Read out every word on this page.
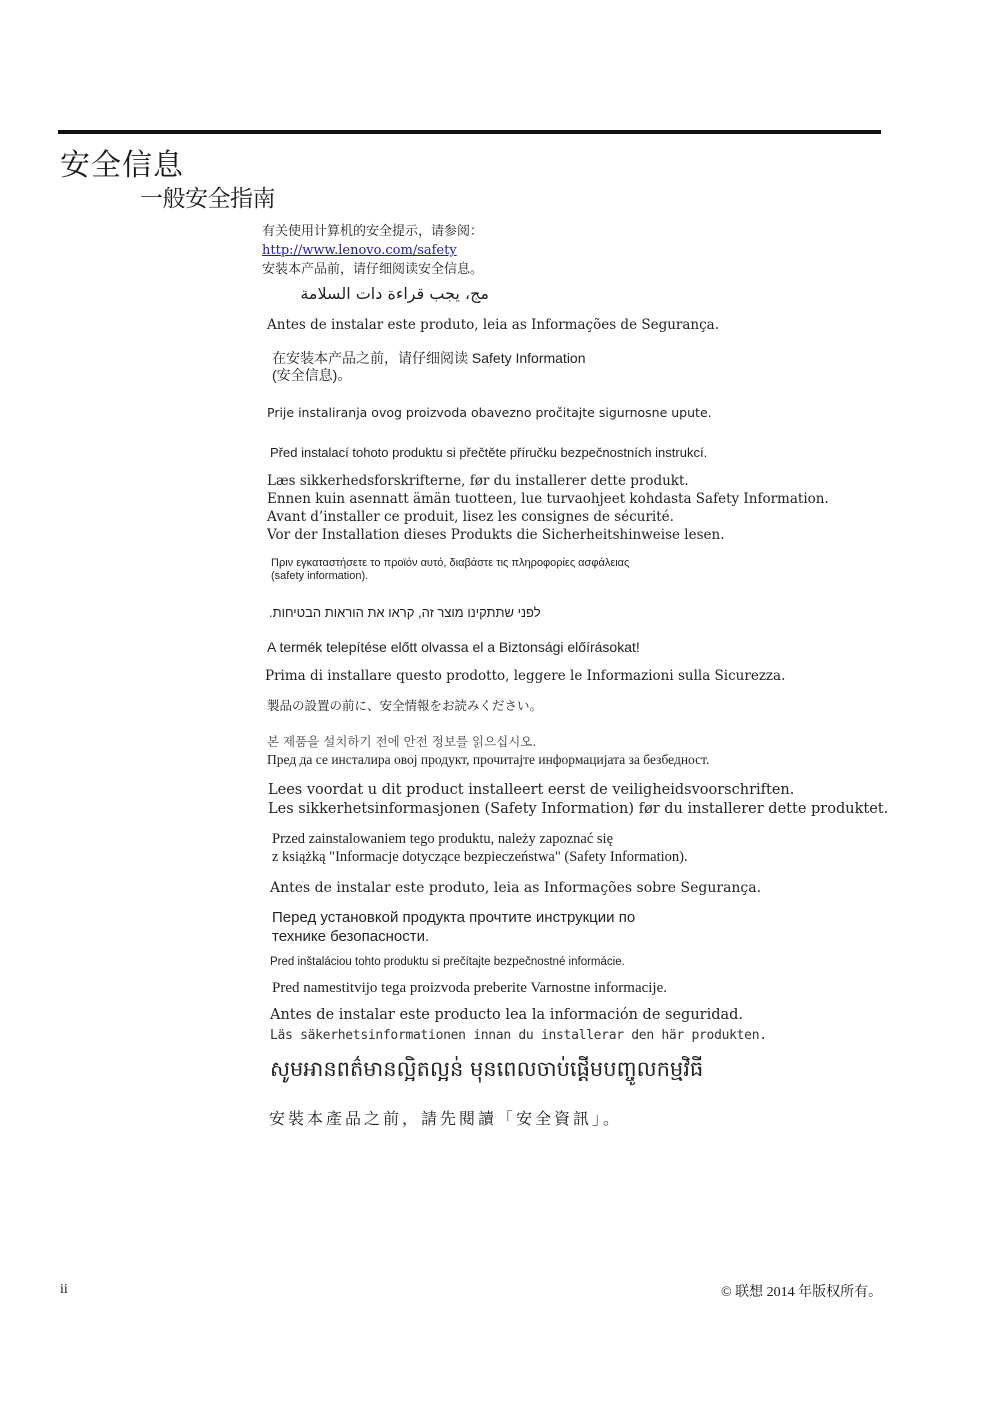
安全信息
一般安全指南
有关使用计算机的安全提示，请参阅：
http://www.lenovo.com/safety
安装本产品前，请仔细阅读安全信息。
مج، يجب قراءة دات السلامة
Antes de instalar este produto, leia as Informações de Segurança.
在安装本产品之前，请仔细阅读 Safety Information
(安全信息)。
Prije instaliranja ovog proizvoda obavezno pročitajte sigurnosne upute.
Před instalací tohoto produktu si přečtěte příručku bezpečnostních instrukcí.
Læs sikkerhedsforskrifterne, før du installerer dette produkt.
Ennen kuin asennatt ämän tuotteen, lue turvaohjeet kohdasta Safety Information.
Avant d’installer ce produit, lisez les consignes de sécurité.
Vor der Installation dieses Produkts die Sicherheitshinweise lesen.
Πριν εγκαταστήσετε το προϊόν αυτό, διαβάστε τις πληροφορίες ασφάλειας
(safety information).
לפני שתתקינו מוצר זה, קראו את הוראות הבטיחות.
A termék telepítése előtt olvassa el a Biztonsági előírásokat!
Prima di installare questo prodotto, leggere le Informazioni sulla Sicurezza.
製品の設置の前に、安全情報をお読みください。
본 제품을 설치하기 전에 안전 정보를 읽으십시오.
Пред да се инсталира овој продукт, прочитајте информацијата за безбедност.
Lees voordat u dit product installeert eerst de veiligheidsvoorschriften.
Les sikkerhetsinformasjonen (Safety Information) før du installerer dette produktet.
Przed zainstalowaniem tego produktu, należy zapoznać się
z książką "Informacje dotyczące bezpieczeństwa" (Safety Information).
Antes de instalar este produto, leia as Informações sobre Segurança.
Перед установкой продукта прочтите инструкции по
технике безопасности.
Pred inštaláciou tohto produktu si prečítajte bezpečnostné informácie.
Pred namestitvijo tega proizvoda preberite Varnostne informacije.
Antes de instalar este producto lea la información de seguridad.
Läs säkerhetsinformationen innan du installerar den här produkten.
សូមអានពត៌មានល្អិតល្អន់ មុនពេលចាប់ផ្ដើមបញ្ចូលកម្មវិធី
安裝本產品之前，請先閱讀「安全資訊」。
ii	© 联想 2014 年版权所有。
